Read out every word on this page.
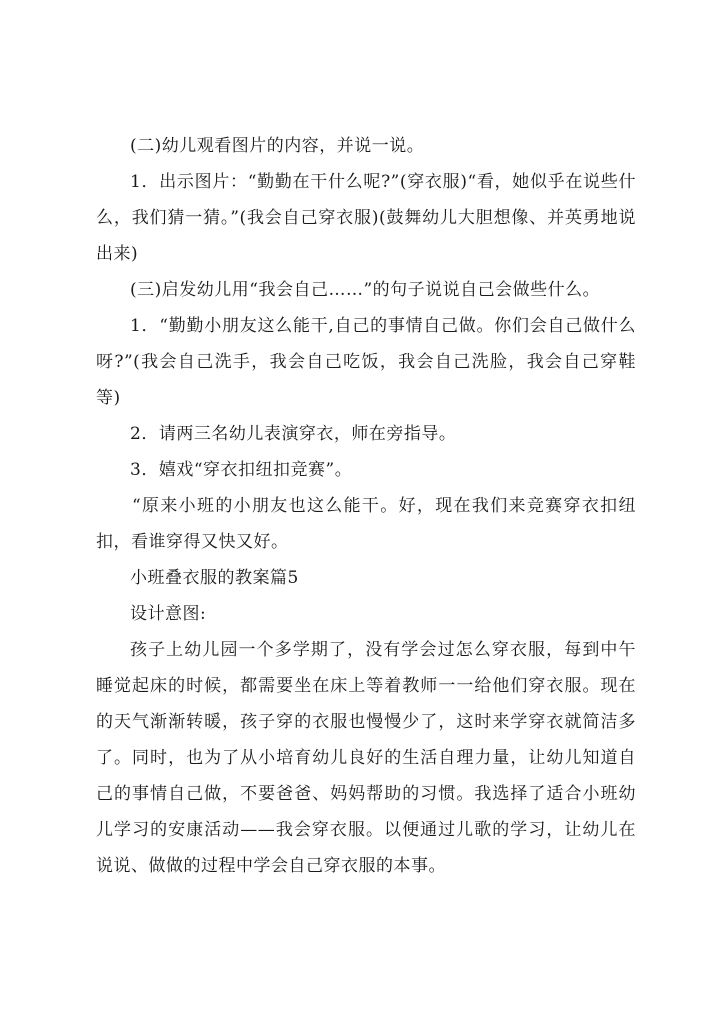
(二)幼儿观看图片的内容，并说一说。

1．出示图片：“勤勤在干什么呢?”(穿衣服)“看，她似乎在说些什么，我们猜一猜。”(我会自己穿衣服)(鼓舞幼儿大胆想像、并英勇地说出来)

(三)启发幼儿用“我会自己……”的句子说说自己会做些什么。

1．“勤勤小朋友这么能干,自己的事情自己做。你们会自己做什么呀?”(我会自己洗手，我会自己吃饭，我会自己洗脸，我会自己穿鞋等)

2．请两三名幼儿表演穿衣，师在旁指导。

3．嬉戏“穿衣扣纽扣竞赛”。

“原来小班的小朋友也这么能干。好，现在我们来竞赛穿衣扣纽扣，看谁穿得又快又好。

小班叠衣服的教案篇5

设计意图:

孩子上幼儿园一个多学期了，没有学会过怎么穿衣服，每到中午睡觉起床的时候，都需要坐在床上等着教师一一给他们穿衣服。现在的天气渐渐转暖，孩子穿的衣服也慢慢少了，这时来学穿衣就简洁多了。同时，也为了从小培育幼儿良好的生活自理力量，让幼儿知道自己的事情自己做，不要爸爸、妈妈帮助的习惯。我选择了适合小班幼儿学习的安康活动——我会穿衣服。以便通过儿歌的学习，让幼儿在说说、做做的过程中学会自己穿衣服的本事。
